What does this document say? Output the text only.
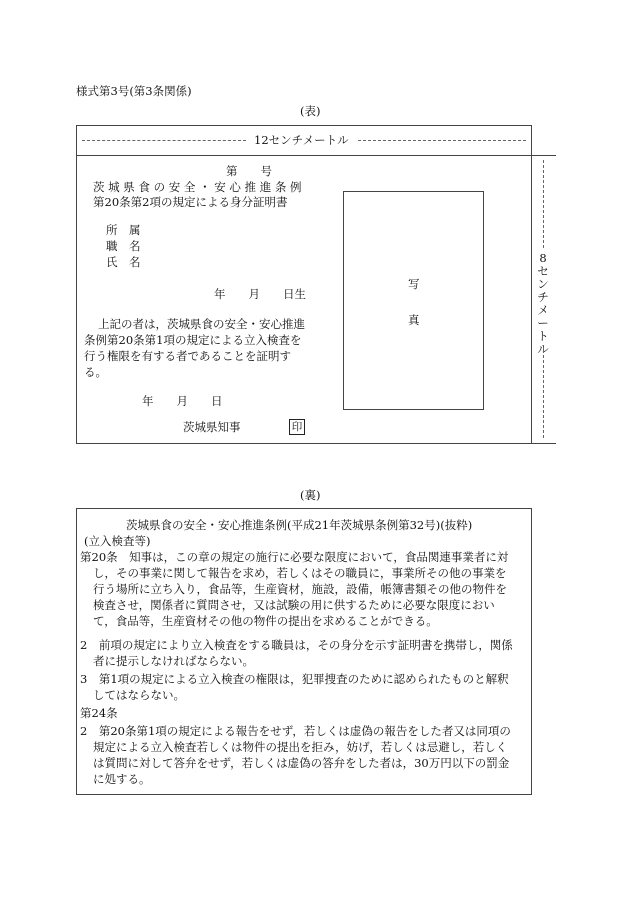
様式第3号(第3条関係)
(表)
12センチメートル
8センチメートル
第　　号
茨 城 県 食 の 安 全 ・ 安 心 推 進 条 例
第20条第2項の規定による身分証明書
所　属
職　名
氏　名
年　　月　　日生
上記の者は，茨城県食の安全・安心推進
条例第20条第1項の規定による立入検査を
行う権限を有する者であることを証明す
る。
年　　月　　日
茨城県知事	印
写
真
(裏)
茨城県食の安全・安心推進条例(平成21年茨城県条例第32号)(抜粋)
(立入検査等)
第20条　知事は，この章の規定の施行に必要な限度において，食品関連事業者に対
し，その事業に関して報告を求め，若しくはその職員に，事業所その他の事業を
行う場所に立ち入り，食品等，生産資材，施設，設備，帳簿書類その他の物件を
検査させ，関係者に質問させ，又は試験の用に供するために必要な限度におい
て，食品等，生産資材その他の物件の提出を求めることができる。
2　前項の規定により立入検査をする職員は，その身分を示す証明書を携帯し，関係
者に提示しなければならない。
3　第1項の規定による立入検査の権限は，犯罪捜査のために認められたものと解釈
してはならない。
第24条
2　第20条第1項の規定による報告をせず，若しくは虚偽の報告をした者又は同項の
規定による立入検査若しくは物件の提出を拒み，妨げ，若しくは忌避し，若しく
は質問に対して答弁をせず，若しくは虚偽の答弁をした者は，30万円以下の罰金
に処する。
